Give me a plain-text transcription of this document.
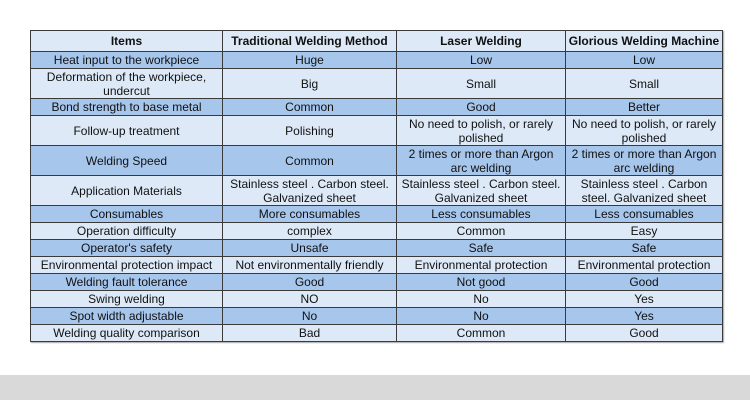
Items	Traditional Welding Method	Laser Welding	Glorious Welding Machine
Heat input to the workpiece	Huge	Low	Low
Deformation of the workpiece, undercut	Big	Small	Small
Bond strength to base metal	Common	Good	Better
Follow-up treatment	Polishing	No need to polish, or rarely polished	No need to polish, or rarely polished
Welding Speed	Common	2 times or more than Argon arc welding	2 times or more than Argon arc welding
Application Materials	Stainless steel . Carbon steel. Galvanized sheet	Stainless steel . Carbon steel. Galvanized sheet	Stainless steel . Carbon steel. Galvanized sheet
Consumables	More consumables	Less consumables	Less consumables
Operation difficulty	complex	Common	Easy
Operator's safety	Unsafe	Safe	Safe
Environmental protection impact	Not environmentally friendly	Environmental protection	Environmental protection
Welding fault tolerance	Good	Not good	Good
Swing welding	NO	No	Yes
Spot width adjustable	No	No	Yes
Welding quality comparison	Bad	Common	Good
